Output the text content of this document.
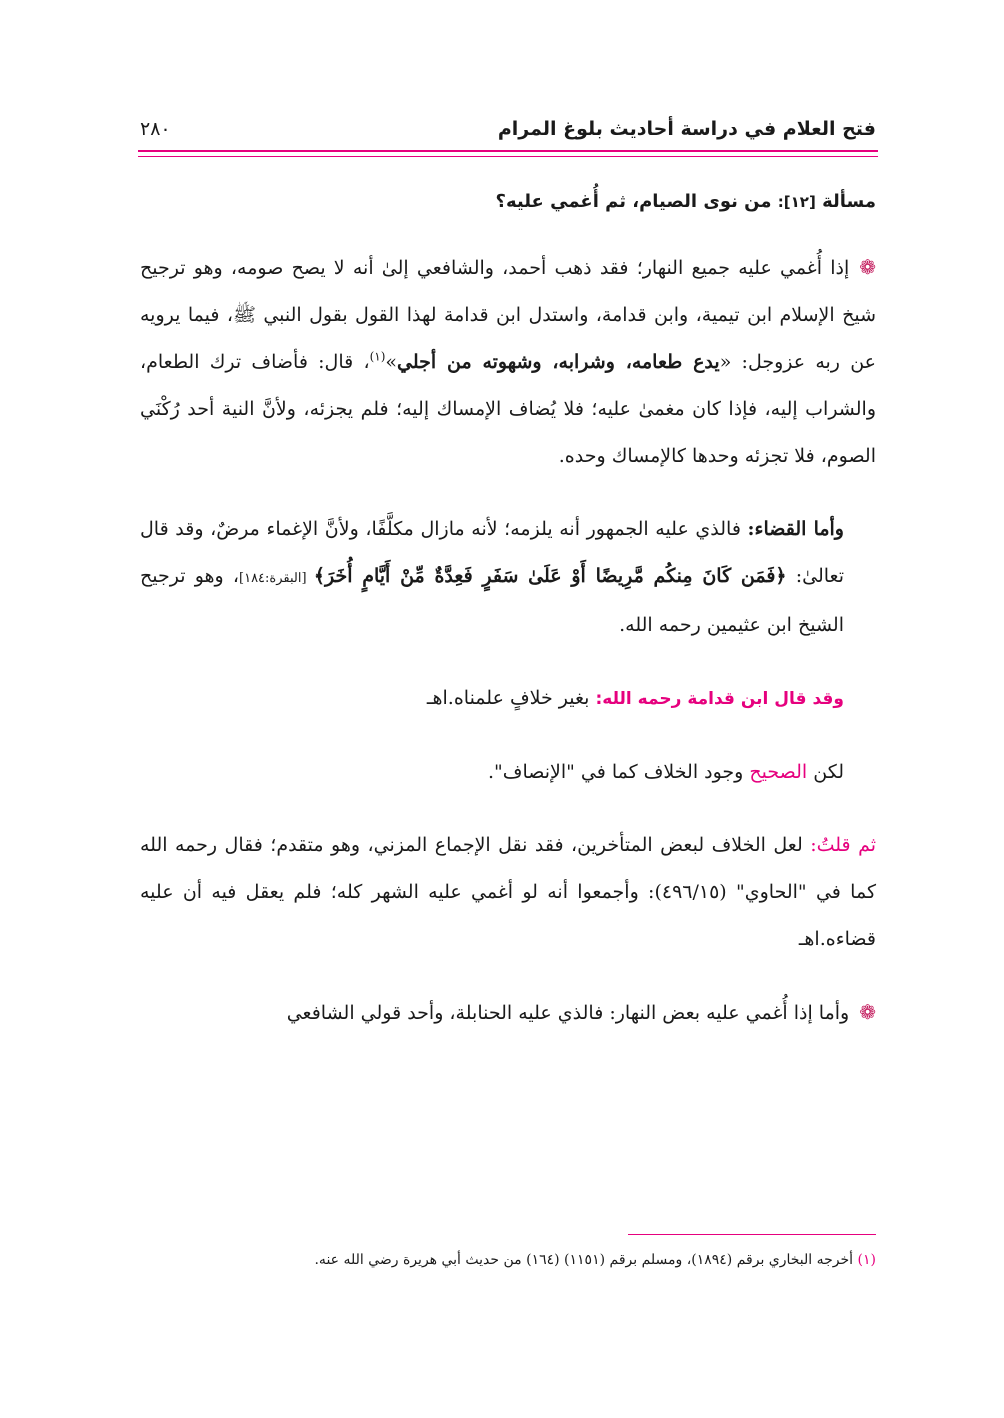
٢٨٠	فتح العلام في دراسة أحاديث بلوغ المرام

مسألة [١٢]: من نوى الصيام، ثم أُغمي عليه؟

❁إذا أُغمي عليه جميع النهار؛ فقد ذهب أحمد، والشافعي إلىٰ أنه لا يصح صومه، وهو ترجيح شيخ الإسلام ابن تيمية، وابن قدامة، واستدل ابن قدامة لهذا القول بقول النبي ﷺ، فيما يرويه عن ربه عزوجل: «يدع طعامه، وشرابه، وشهوته من أجلي»$^{(١)}$، قال: فأضاف ترك الطعام، والشراب إليه، فإذا كان مغمىٰ عليه؛ فلا يُضاف الإمساك إليه؛ فلم يجزئه، ولأنَّ النية أحد رُكْنَي الصوم، فلا تجزئه وحدها كالإمساك وحده.

وأما القضاء: فالذي عليه الجمهور أنه يلزمه؛ لأنه مازال مكلَّفًا، ولأنَّ الإغماء مرضٌ، وقد قال تعالىٰ: ﴿فَمَن كَانَ مِنكُم مَّرِيضًا أَوْ عَلَىٰ سَفَرٍ فَعِدَّةٌ مِّنْ أَيَّامٍ أُخَرَ﴾ [البقرة:١٨٤]، وهو ترجيح الشيخ ابن عثيمين رحمه الله.

وقد قال ابن قدامة رحمه الله: بغير خلافٍ علمناه.اهـ

لكن الصحيح وجود الخلاف كما في "الإنصاف".

ثم قلتُ: لعل الخلاف لبعض المتأخرين، فقد نقل الإجماع المزني، وهو متقدم؛ فقال رحمه الله كما في "الحاوي" (٤٩٦/١٥): وأجمعوا أنه لو أغمي عليه الشهر كله؛ فلم يعقل فيه أن عليه قضاءه.اهـ

❁وأما إذا أُغمي عليه بعض النهار: فالذي عليه الحنابلة، وأحد قولي الشافعي

(١) أخرجه البخاري برقم (١٨٩٤)، ومسلم برقم (١١٥١) (١٦٤) من حديث أبي هريرة رضي الله عنه.
